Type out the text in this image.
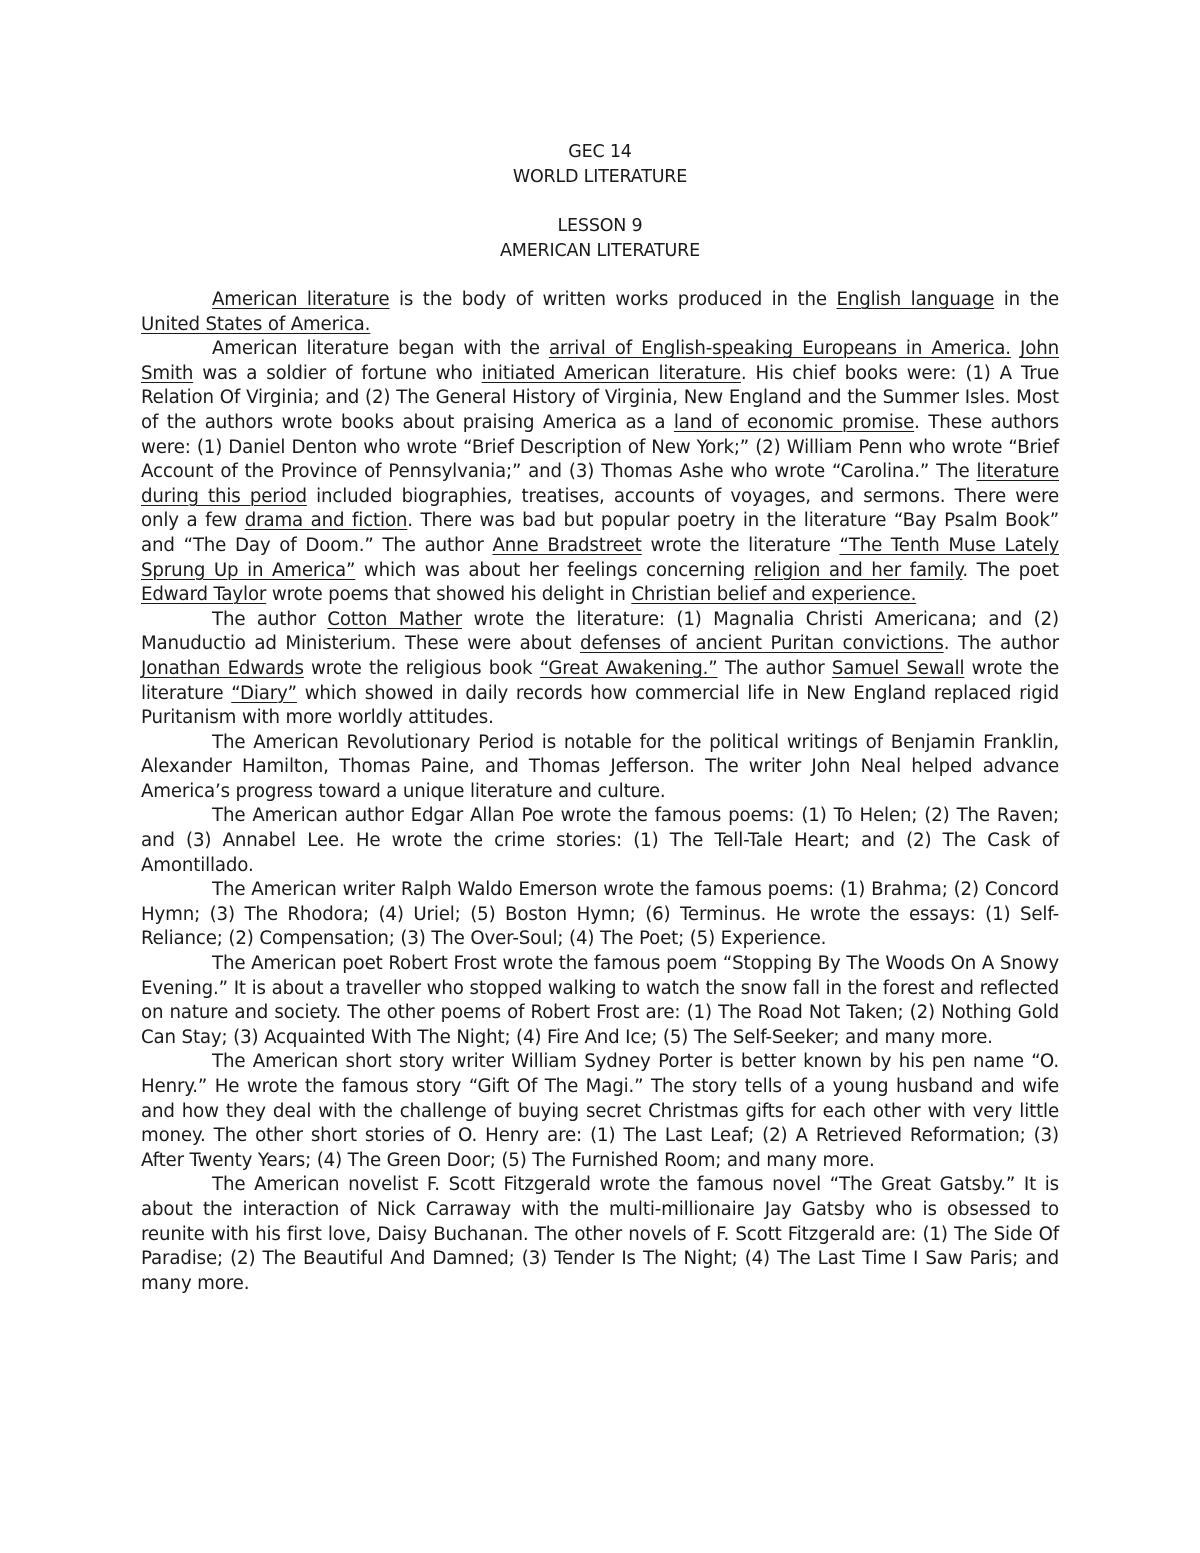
GEC 14
WORLD LITERATURE
LESSON 9
AMERICAN LITERATURE

American literature is the body of written works produced in the English language in the United States of America.

American literature began with the arrival of English-speaking Europeans in America. John Smith was a soldier of fortune who initiated American literature. His chief books were: (1) A True Relation Of Virginia; and (2) The General History of Virginia, New England and the Summer Isles. Most of the authors wrote books about praising America as a land of economic promise. These authors were: (1) Daniel Denton who wrote “Brief Description of New York;” (2) William Penn who wrote “Brief Account of the Province of Pennsylvania;” and (3) Thomas Ashe who wrote “Carolina.” The literature during this period included biographies, treatises, accounts of voyages, and sermons. There were only a few drama and fiction. There was bad but popular poetry in the literature “Bay Psalm Book” and “The Day of Doom.” The author Anne Bradstreet wrote the literature “The Tenth Muse Lately Sprung Up in America” which was about her feelings concerning religion and her family. The poet Edward Taylor wrote poems that showed his delight in Christian belief and experience.

The author Cotton Mather wrote the literature: (1) Magnalia Christi Americana; and (2) Manuductio ad Ministerium. These were about defenses of ancient Puritan convictions. The author Jonathan Edwards wrote the religious book “Great Awakening.” The author Samuel Sewall wrote the literature “Diary” which showed in daily records how commercial life in New England replaced rigid Puritanism with more worldly attitudes.

The American Revolutionary Period is notable for the political writings of Benjamin Franklin, Alexander Hamilton, Thomas Paine, and Thomas Jefferson. The writer John Neal helped advance America’s progress toward a unique literature and culture.

The American author Edgar Allan Poe wrote the famous poems: (1) To Helen; (2) The Raven; and (3) Annabel Lee. He wrote the crime stories: (1) The Tell-Tale Heart; and (2) The Cask of Amontillado.

The American writer Ralph Waldo Emerson wrote the famous poems: (1) Brahma; (2) Concord Hymn; (3) The Rhodora; (4) Uriel; (5) Boston Hymn; (6) Terminus. He wrote the essays: (1) Self-Reliance; (2) Compensation; (3) The Over-Soul; (4) The Poet; (5) Experience.

The American poet Robert Frost wrote the famous poem “Stopping By The Woods On A Snowy Evening.” It is about a traveller who stopped walking to watch the snow fall in the forest and reflected on nature and society. The other poems of Robert Frost are: (1) The Road Not Taken; (2) Nothing Gold Can Stay; (3) Acquainted With The Night; (4) Fire And Ice; (5) The Self-Seeker; and many more.

The American short story writer William Sydney Porter is better known by his pen name “O. Henry.” He wrote the famous story “Gift Of The Magi.” The story tells of a young husband and wife and how they deal with the challenge of buying secret Christmas gifts for each other with very little money. The other short stories of O. Henry are: (1) The Last Leaf; (2) A Retrieved Reformation; (3) After Twenty Years; (4) The Green Door; (5) The Furnished Room; and many more.

The American novelist F. Scott Fitzgerald wrote the famous novel “The Great Gatsby.” It is about the interaction of Nick Carraway with the multi-millionaire Jay Gatsby who is obsessed to reunite with his first love, Daisy Buchanan. The other novels of F. Scott Fitzgerald are: (1) The Side Of Paradise; (2) The Beautiful And Damned; (3) Tender Is The Night; (4) The Last Time I Saw Paris; and many more.
